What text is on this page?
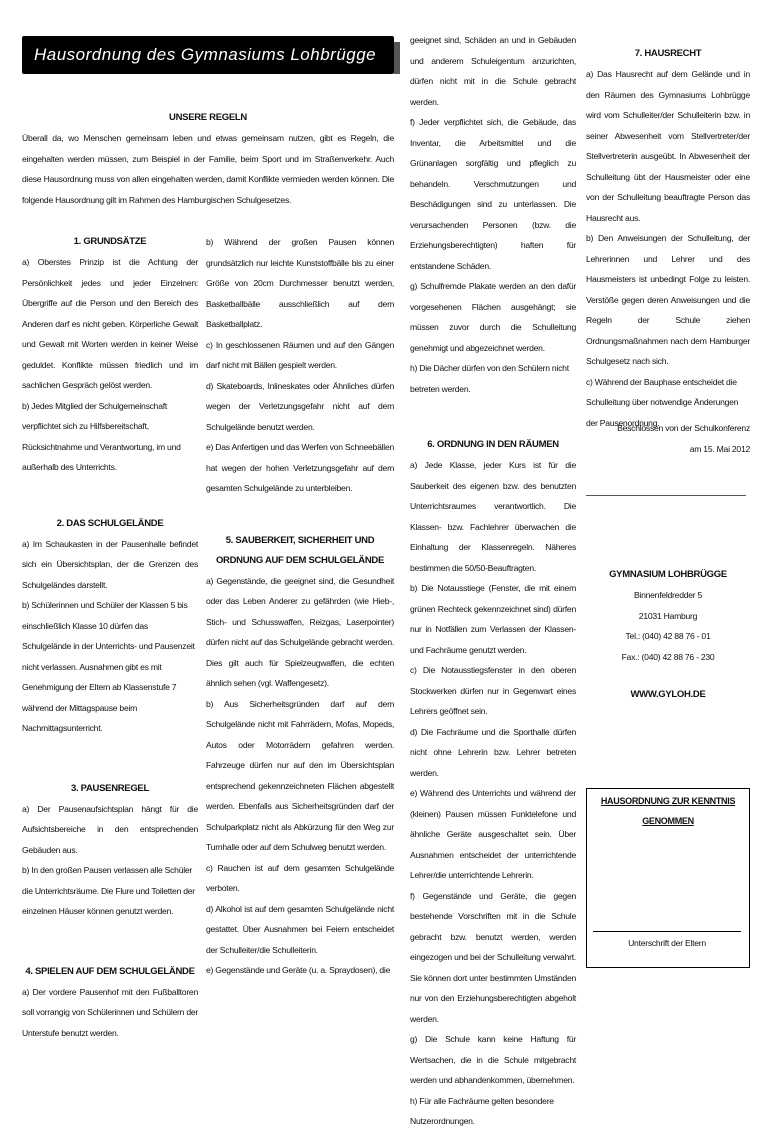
Hausordnung des Gymnasiums Lohbrügge
UNSERE REGELN

Überall da, wo Menschen gemeinsam leben und etwas gemeinsam nutzen, gibt es Regeln, die eingehalten werden müssen, zum Beispiel in der Familie, beim Sport und im Straßenverkehr. Auch diese Hausordnung muss von allen eingehalten werden, damit Konflikte vermieden werden können. Die folgende Hausordnung gilt im Rahmen des Hamburgischen Schulgesetzes.

1. GRUNDSÄTZE

a) Oberstes Prinzip ist die Achtung der Persönlichkeit jedes und jeder Einzelnen: Übergriffe auf die Person und den Bereich des Anderen darf es nicht geben. Körperliche Gewalt und Gewalt mit Worten werden in keiner Weise geduldet. Konflikte müssen friedlich und im sachlichen Gespräch gelöst werden.

b) Jedes Mitglied der Schulgemeinschaft verpflichtet sich zu Hilfsbereitschaft, Rücksichtnahme und Verantwortung, im und außerhalb des Unterrichts.

2. DAS SCHULGELÄNDE

a) Im Schaukasten in der Pausenhalle befindet sich ein Übersichtsplan, der die Grenzen des Schulgeländes darstellt.

b) Schülerinnen und Schüler der Klassen 5 bis einschließlich Klasse 10 dürfen das Schulgelände in der Unterrichts- und Pausenzeit nicht verlassen. Ausnahmen gibt es mit Genehmigung der Eltern ab Klassenstufe 7 während der Mittagspause beim Nachmittagsunterricht.

3. PAUSENREGEL

a) Der Pausenaufsichtsplan hängt für die Aufsichtsbereiche in den entsprechenden Gebäuden aus.

b) In den großen Pausen verlassen alle Schüler die Unterrichtsräume. Die Flure und Toiletten der einzelnen Häuser können genutzt werden.

4. SPIELEN AUF DEM SCHULGELÄNDE

a) Der vordere Pausenhof mit den Fußballtoren soll vorrangig von Schülerinnen und Schülern der Unterstufe benutzt werden.

b) Während der großen Pausen können grundsätzlich nur leichte Kunststoffbälle bis zu einer Größe von 20cm Durchmesser benutzt werden, Basketballbälle ausschließlich auf dem Basketballplatz.

c) In geschlossenen Räumen und auf den Gängen darf nicht mit Bällen gespielt werden.

d) Skateboards, Inlineskates oder Ähnliches dürfen wegen der Verletzungsgefahr nicht auf dem Schulgelände benutzt werden.

e) Das Anfertigen und das Werfen von Schneebällen hat wegen der hohen Verletzungsgefahr auf dem gesamten Schulgelände zu unterbleiben.

5. SAUBERKEIT, SICHERHEIT UND
ORDNUNG AUF DEM SCHULGELÄNDE

a) Gegenstände, die geeignet sind, die Gesundheit oder das Leben Anderer zu gefährden (wie Hieb-, Stich- und Schusswaffen, Reizgas, Laserpointer) dürfen nicht auf das Schulgelände gebracht werden. Dies gilt auch für Spielzeugwaffen, die echten ähnlich sehen (vgl. Waffengesetz).

b) Aus Sicherheitsgründen darf auf dem Schulgelände nicht mit Fahrrädern, Mofas, Mopeds, Autos oder Motorrädern gefahren werden. Fahrzeuge dürfen nur auf den im Übersichtsplan entsprechend gekennzeichneten Flächen abgestellt werden. Ebenfalls aus Sicherheitsgründen darf der Schulparkplatz nicht als Abkürzung für den Weg zur Turnhalle oder auf dem Schulweg benutzt werden.

c) Rauchen ist auf dem gesamten Schulgelände verboten.

d) Alkohol ist auf dem gesamten Schulgelände nicht gestattet. Über Ausnahmen bei Feiern entscheidet der Schulleiter/die Schulleiterin.

e) Gegenstände und Geräte (u. a. Spraydosen), die

geeignet sind, Schäden an und in Gebäuden und anderem Schuleigentum anzurichten, dürfen nicht mit in die Schule gebracht werden.

f) Jeder verpflichtet sich, die Gebäude, das Inventar, die Arbeitsmittel und die Grünanlagen sorgfältig und pfleglich zu behandeln. Verschmutzungen und Beschädigungen sind zu unterlassen. Die verursachenden Personen (bzw. die Erziehungsberechtigten) haften für entstandene Schäden.

g) Schulfremde Plakate werden an den dafür vorgesehenen Flächen ausgehängt; sie müssen zuvor durch die Schulleitung genehmigt und abgezeichnet werden.

h) Die Dächer dürfen von den Schülern nicht betreten werden.

6. ORDNUNG IN DEN RÄUMEN

a) Jede Klasse, jeder Kurs ist für die Sauberkeit des eigenen bzw. des benutzten Unterrichtsraumes verantwortlich. Die Klassen- bzw. Fachlehrer überwachen die Einhaltung der Klassenregeln. Näheres bestimmen die 50/50-Beauftragten.

b) Die Notausstiege (Fenster, die mit einem grünen Rechteck gekennzeichnet sind) dürfen nur in Notfällen zum Verlassen der Klassen- und Fachräume genutzt werden.

c) Die Notausstiegsfenster in den oberen Stockwerken dürfen nur in Gegenwart eines Lehrers geöffnet sein.

d) Die Fachräume und die Sporthalle dürfen nicht ohne Lehrerin bzw. Lehrer betreten werden.

e) Während des Unterrichts und während der (kleinen) Pausen müssen Funktelefone und ähnliche Geräte ausgeschaltet sein. Über Ausnahmen entscheidet der unterrichtende Lehrer/die unterrichtende Lehrerin.

f) Gegenstände und Geräte, die gegen bestehende Vorschriften mit in die Schule gebracht bzw. benutzt werden, werden eingezogen und bei der Schulleitung verwahrt. Sie können dort unter bestimmten Umständen nur von den Erziehungsberechtigten abgeholt werden.

g) Die Schule kann keine Haftung für Wertsachen, die in die Schule mitgebracht werden und abhandenkommen, übernehmen.

h) Für alle Fachräume gelten besondere Nutzerordnungen.

7. HAUSRECHT

a) Das Hausrecht auf dem Gelände und in den Räumen des Gymnasiums Lohbrügge wird vom Schulleiter/der Schulleiterin bzw. in seiner Abwesenheit vom Stellvertreter/der Stellvertreterin ausgeübt. In Abwesenheit der Schulleitung übt der Hausmeister oder eine von der Schulleitung beauftragte Person das Hausrecht aus.

b) Den Anweisungen der Schulleitung, der Lehrerinnen und Lehrer und des Hausmeisters ist unbedingt Folge zu leisten. Verstöße gegen deren Anweisungen und die Regeln der Schule ziehen Ordnungsmaßnahmen nach dem Hamburger Schulgesetz nach sich.

c) Während der Bauphase entscheidet die Schulleitung über notwendige Änderungen der Pausenordnung.

Beschlossen von der Schulkonferenz
am 15. Mai 2012
GYMNASIUM LOHBRÜGGE
Binnenfeldredder 5
21031 Hamburg
Tel.: (040) 42 88 76 - 01
Fax.: (040) 42 88 76 - 230
WWW.GYLOH.DE
HAUSORDNUNG ZUR KENNTNIS GENOMMEN
Unterschrift der Eltern
